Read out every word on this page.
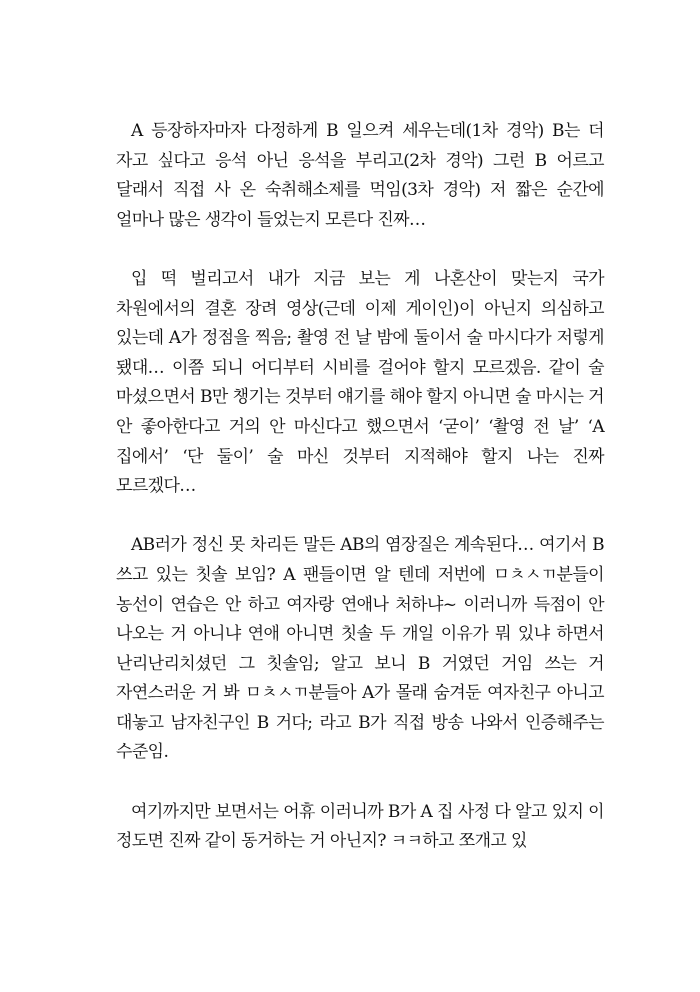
A 등장하자마자 다정하게 B 일으켜 세우는데(1차 경악) B는 더 자고 싶다고 응석 아닌 응석을 부리고(2차 경악) 그런 B 어르고 달래서 직접 사 온 숙취해소제를 먹임(3차 경악) 저 짧은 순간에 얼마나 많은 생각이 들었는지 모른다 진짜…

입 떡 벌리고서 내가 지금 보는 게 나혼산이 맞는지 국가 차원에서의 결혼 장려 영상(근데 이제 게이인)이 아닌지 의심하고 있는데 A가 정점을 찍음; 촬영 전 날 밤에 둘이서 술 마시다가 저렇게 됐대… 이쯤 되니 어디부터 시비를 걸어야 할지 모르겠음. 같이 술 마셨으면서 B만 챙기는 것부터 얘기를 해야 할지 아니면 술 마시는 거 안 좋아한다고 거의 안 마신다고 했으면서 ‘굳이’ ‘촬영 전 날’ ‘A 집에서’ ‘단 둘이’ 술 마신 것부터 지적해야 할지 나는 진짜 모르겠다…

AB러가 정신 못 차리든 말든 AB의 염장질은 계속된다… 여기서 B 쓰고 있는 칫솔 보임? A 팬들이면 알 텐데 저번에 ㅁㅊㅅㄲ분들이 농선이 연습은 안 하고 여자랑 연애나 처하냐~ 이러니까 득점이 안 나오는 거 아니냐 연애 아니면 칫솔 두 개일 이유가 뭐 있냐 하면서 난리난리치셨던 그 칫솔임; 알고 보니 B 거였던 거임 쓰는 거 자연스러운 거 봐 ㅁㅊㅅㄲ분들아 A가 몰래 숨겨둔 여자친구 아니고 대놓고 남자친구인 B 거다; 라고 B가 직접 방송 나와서 인증해주는 수준임.

여기까지만 보면서는 어휴 이러니까 B가 A 집 사정 다 알고 있지 이 정도면 진짜 같이 동거하는 거 아닌지? ㅋㅋ하고 쪼개고 있
